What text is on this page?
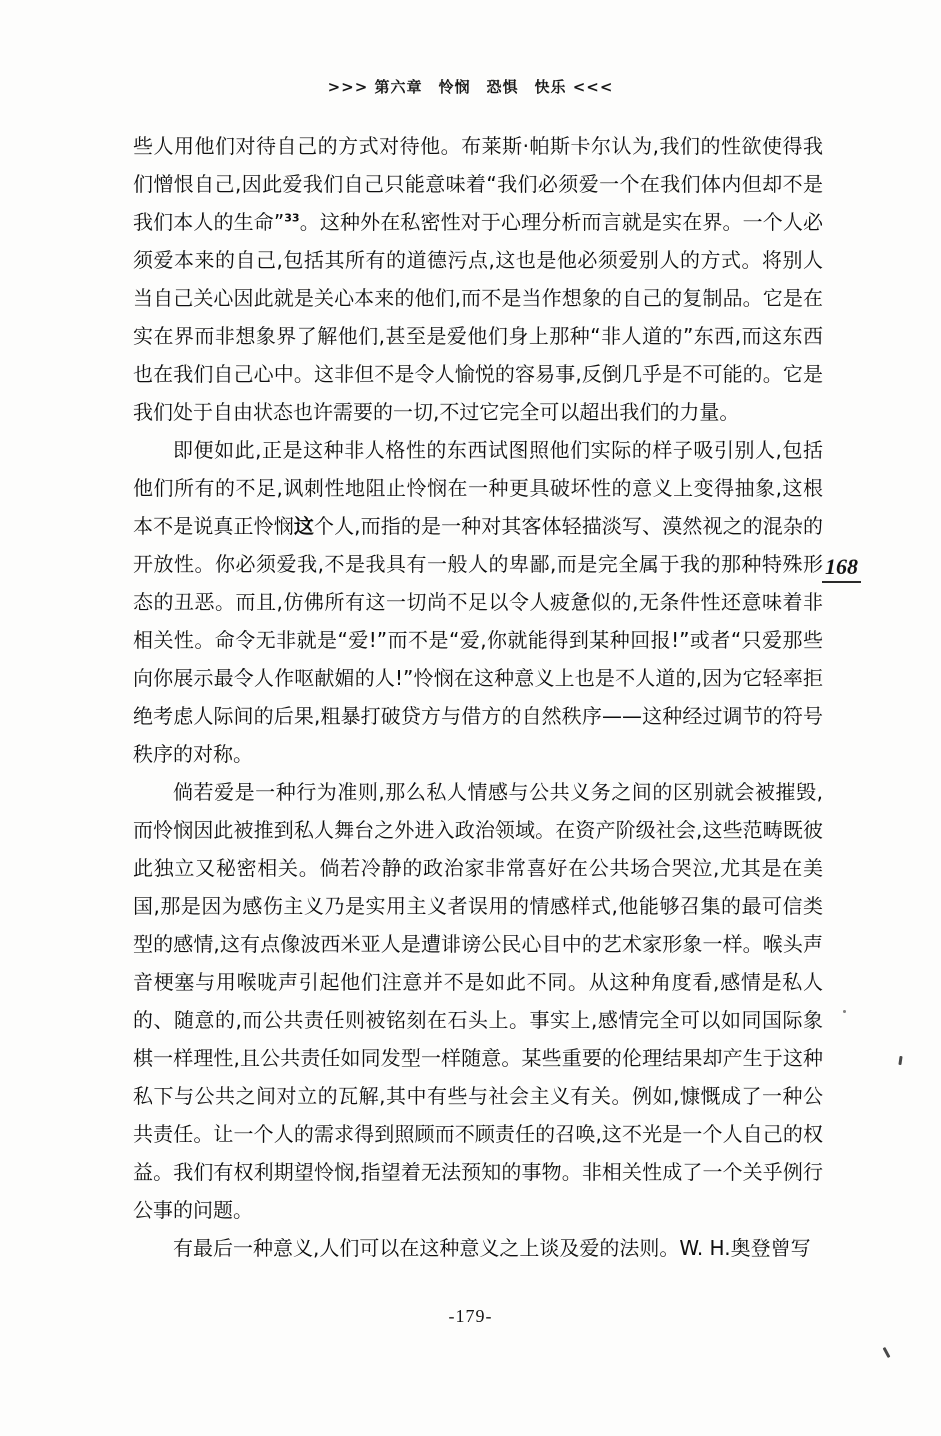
>>> 第六章　怜悯　恐惧　快乐 <<<
168

些人用他们对待自己的方式对待他。布莱斯·帕斯卡尔认为,我们的性欲使得我们憎恨自己,因此爱我们自己只能意味着“我们必须爱一个在我们体内但却不是我们本人的生命”$^{33}$。这种外在私密性对于心理分析而言就是实在界。一个人必须爱本来的自己,包括其所有的道德污点,这也是他必须爱别人的方式。将别人当自己关心因此就是关心本来的他们,而不是当作想象的自己的复制品。它是在实在界而非想象界了解他们,甚至是爱他们身上那种“非人道的”东西,而这东西也在我们自己心中。这非但不是令人愉悦的容易事,反倒几乎是不可能的。它是我们处于自由状态也许需要的一切,不过它完全可以超出我们的力量。

即便如此,正是这种非人格性的东西试图照他们实际的样子吸引别人,包括他们所有的不足,讽刺性地阻止怜悯在一种更具破坏性的意义上变得抽象,这根本不是说真正怜悯这个人,而指的是一种对其客体轻描淡写、漠然视之的混杂的开放性。你必须爱我,不是我具有一般人的卑鄙,而是完全属于我的那种特殊形态的丑恶。而且,仿佛所有这一切尚不足以令人疲惫似的,无条件性还意味着非相关性。命令无非就是“爱!”而不是“爱,你就能得到某种回报!”或者“只爱那些向你展示最令人作呕献媚的人!”怜悯在这种意义上也是不人道的,因为它轻率拒绝考虑人际间的后果,粗暴打破贷方与借方的自然秩序——这种经过调节的符号秩序的对称。

倘若爱是一种行为准则,那么私人情感与公共义务之间的区别就会被摧毁,而怜悯因此被推到私人舞台之外进入政治领域。在资产阶级社会,这些范畴既彼此独立又秘密相关。倘若冷静的政治家非常喜好在公共场合哭泣,尤其是在美国,那是因为感伤主义乃是实用主义者误用的情感样式,他能够召集的最可信类型的感情,这有点像波西米亚人是遭诽谤公民心目中的艺术家形象一样。喉头声音梗塞与用喉咙声引起他们注意并不是如此不同。从这种角度看,感情是私人的、随意的,而公共责任则被铭刻在石头上。事实上,感情完全可以如同国际象棋一样理性,且公共责任如同发型一样随意。某些重要的伦理结果却产生于这种私下与公共之间对立的瓦解,其中有些与社会主义有关。例如,慷慨成了一种公共责任。让一个人的需求得到照顾而不顾责任的召唤,这不光是一个人自己的权益。我们有权利期望怜悯,指望着无法预知的事物。非相关性成了一个关乎例行公事的问题。

有最后一种意义,人们可以在这种意义之上谈及爱的法则。W. H.奥登曾写

-179-
